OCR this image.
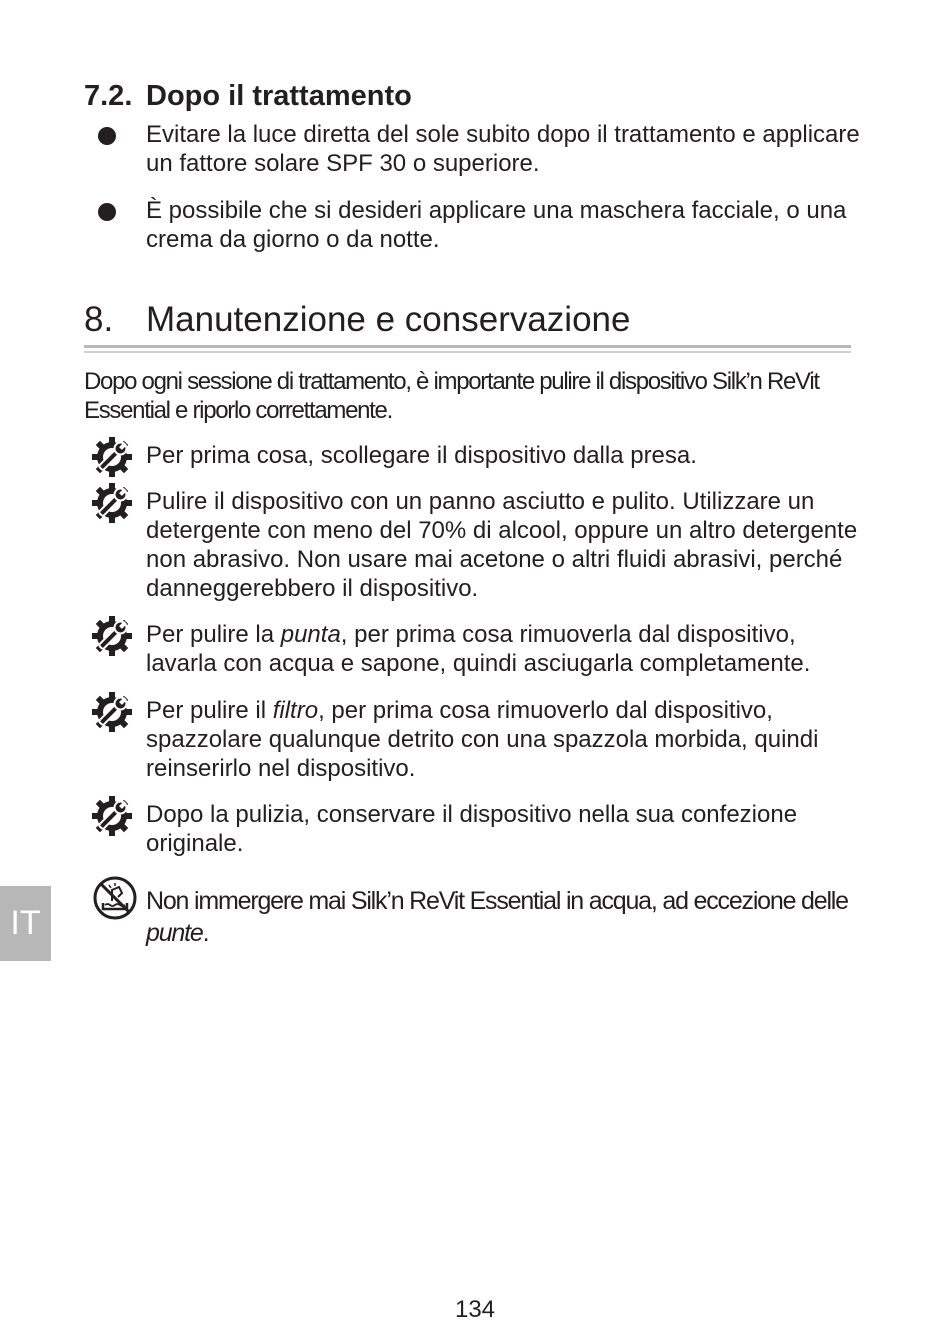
7.2. Dopo il trattamento
Evitare la luce diretta del sole subito dopo il trattamento e applicare un fattore solare SPF 30 o superiore.
È possibile che si desideri applicare una maschera facciale, o una crema da giorno o da notte.
8. Manutenzione e conservazione
Dopo ogni sessione di trattamento, è importante pulire il dispositivo Silk’n ReVit Essential e riporlo correttamente.
Per prima cosa, scollegare il dispositivo dalla presa.
Pulire il dispositivo con un panno asciutto e pulito. Utilizzare un detergente con meno del 70% di alcool, oppure un altro detergente non abrasivo. Non usare mai acetone o altri fluidi abrasivi, perché danneggerebbero il dispositivo.
Per pulire la punta, per prima cosa rimuoverla dal dispositivo, lavarla con acqua e sapone, quindi asciugarla completamente.
Per pulire il filtro, per prima cosa rimuoverlo dal dispositivo, spazzolare qualunque detrito con una spazzola morbida, quindi reinserirlo nel dispositivo.
Dopo la pulizia, conservare il dispositivo nella sua confezione originale.
Non immergere mai Silk’n ReVit Essential in acqua, ad eccezione delle punte.
IT
134
